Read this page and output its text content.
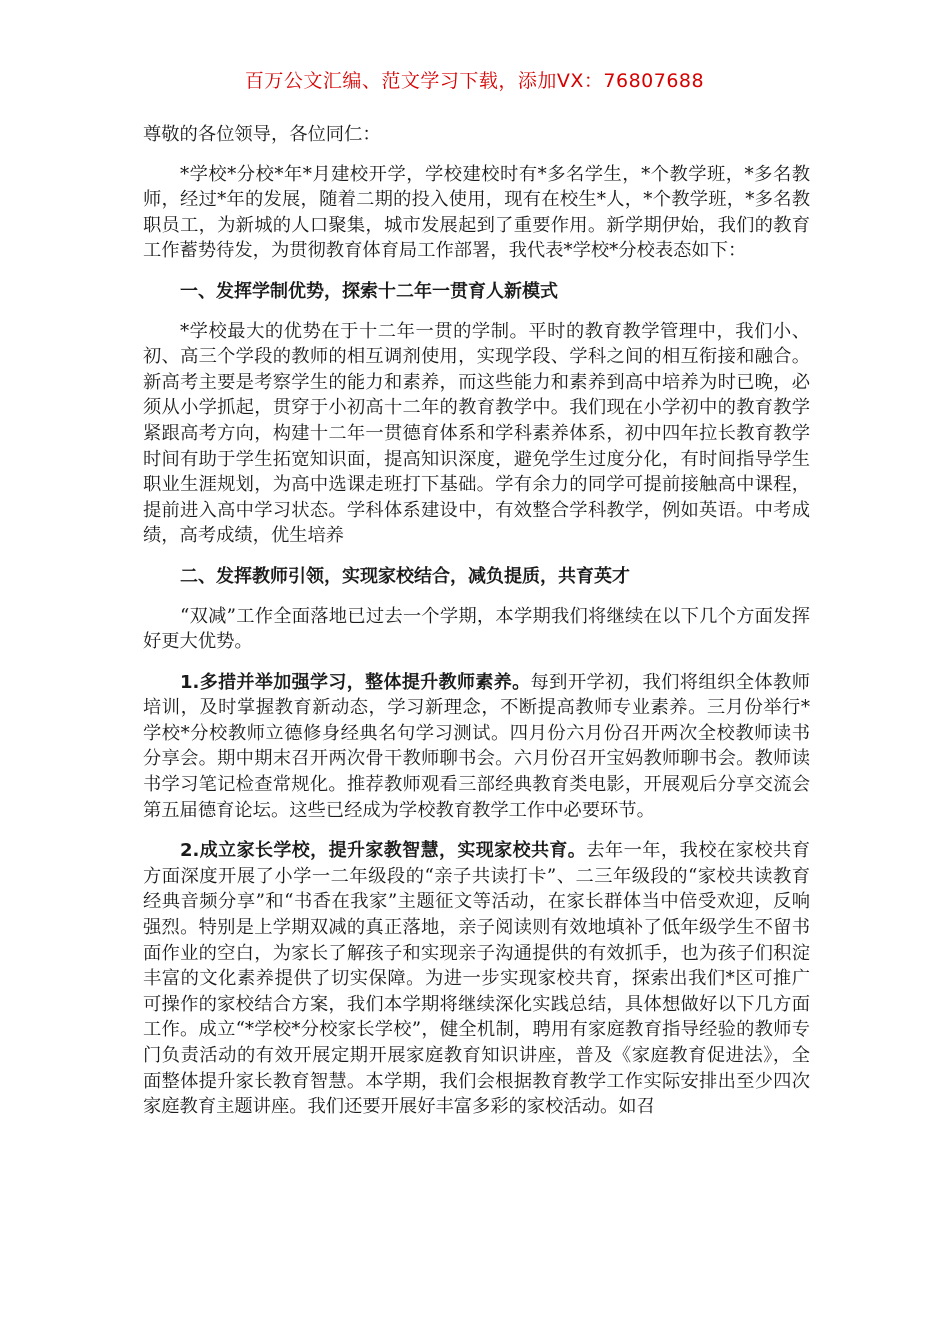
百万公文汇编、范文学习下载，添加VX：76807688

尊敬的各位领导，各位同仁：

*学校*分校*年*月建校开学，学校建校时有*多名学生，*个教学班，*多名教师，经过*年的发展，随着二期的投入使用，现有在校生*人，*个教学班，*多名教职员工，为新城的人口聚集，城市发展起到了重要作用。新学期伊始，我们的教育工作蓄势待发，为贯彻教育体育局工作部署，我代表*学校*分校表态如下：

一、发挥学制优势，探索十二年一贯育人新模式

*学校最大的优势在于十二年一贯的学制。平时的教育教学管理中，我们小、初、高三个学段的教师的相互调剂使用，实现学段、学科之间的相互衔接和融合。新高考主要是考察学生的能力和素养，而这些能力和素养到高中培养为时已晚，必须从小学抓起，贯穿于小初高十二年的教育教学中。我们现在小学初中的教育教学紧跟高考方向，构建十二年一贯德育体系和学科素养体系，初中四年拉长教育教学时间有助于学生拓宽知识面，提高知识深度，避免学生过度分化，有时间指导学生职业生涯规划，为高中选课走班打下基础。学有余力的同学可提前接触高中课程，提前进入高中学习状态。学科体系建设中，有效整合学科教学，例如英语。中考成绩，高考成绩，优生培养

二、发挥教师引领，实现家校结合，减负提质，共育英才

“双减”工作全面落地已过去一个学期，本学期我们将继续在以下几个方面发挥好更大优势。

1.多措并举加强学习，整体提升教师素养。每到开学初，我们将组织全体教师培训，及时掌握教育新动态，学习新理念，不断提高教师专业素养。三月份举行*学校*分校教师立德修身经典名句学习测试。四月份六月份召开两次全校教师读书分享会。期中期末召开两次骨干教师聊书会。六月份召开宝妈教师聊书会。教师读书学习笔记检查常规化。推荐教师观看三部经典教育类电影，开展观后分享交流会第五届德育论坛。这些已经成为学校教育教学工作中必要环节。

2.成立家长学校，提升家教智慧，实现家校共育。去年一年，我校在家校共育方面深度开展了小学一二年级段的“亲子共读打卡”、二三年级段的“家校共读教育经典音频分享”和“书香在我家”主题征文等活动，在家长群体当中倍受欢迎，反响强烈。特别是上学期双减的真正落地，亲子阅读则有效地填补了低年级学生不留书面作业的空白，为家长了解孩子和实现亲子沟通提供的有效抓手，也为孩子们积淀丰富的文化素养提供了切实保障。为进一步实现家校共育，探索出我们*区可推广可操作的家校结合方案，我们本学期将继续深化实践总结，具体想做好以下几方面工作。成立“*学校*分校家长学校”，健全机制，聘用有家庭教育指导经验的教师专门负责活动的有效开展定期开展家庭教育知识讲座，普及《家庭教育促进法》，全面整体提升家长教育智慧。本学期，我们会根据教育教学工作实际安排出至少四次家庭教育主题讲座。我们还要开展好丰富多彩的家校活动。如召
